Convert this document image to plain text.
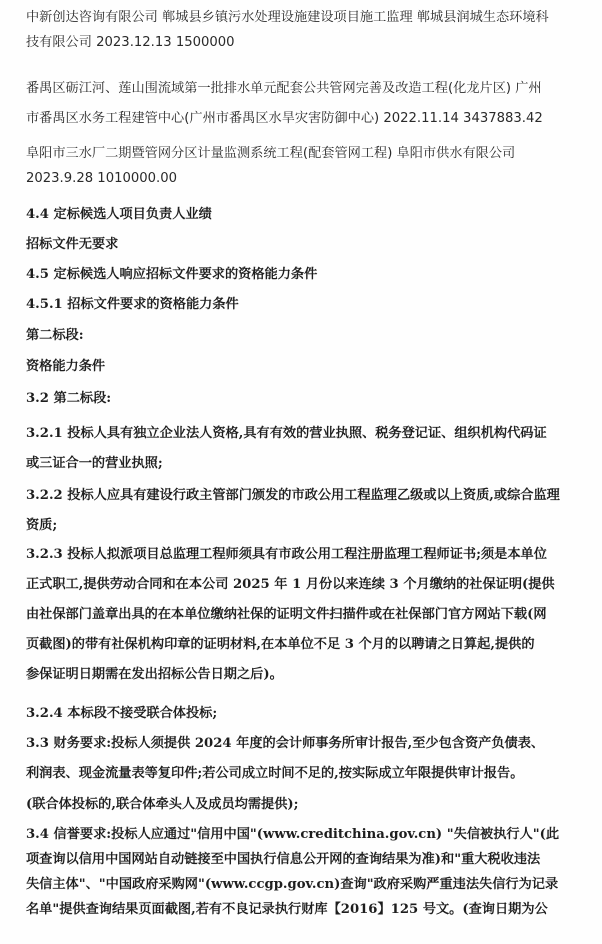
中新创达咨询有限公司 郸城县乡镇污水处理设施建设项目施工监理 郸城县润城生态环境科
技有限公司 2023.12.13 1500000
番禺区砺江河、莲山围流域第一批排水单元配套公共管网完善及改造工程(化龙片区) 广州
市番禺区水务工程建管中心(广州市番禺区水旱灾害防御中心) 2022.11.14 3437883.42
阜阳市三水厂二期暨管网分区计量监测系统工程(配套管网工程) 阜阳市供水有限公司
2023.9.28 1010000.00
4.4 定标候选人项目负责人业绩
招标文件无要求
4.5 定标候选人响应招标文件要求的资格能力条件
4.5.1 招标文件要求的资格能力条件
第二标段:
资格能力条件
3.2 第二标段:
3.2.1 投标人具有独立企业法人资格,具有有效的营业执照、税务登记证、组织机构代码证
或三证合一的营业执照;
3.2.2 投标人应具有建设行政主管部门颁发的市政公用工程监理乙级或以上资质,或综合监理
资质;
3.2.3 投标人拟派项目总监理工程师须具有市政公用工程注册监理工程师证书;须是本单位
正式职工,提供劳动合同和在本公司 2025 年 1 月份以来连续 3 个月缴纳的社保证明(提供
由社保部门盖章出具的在本单位缴纳社保的证明文件扫描件或在社保部门官方网站下载(网
页截图)的带有社保机构印章的证明材料,在本单位不足 3 个月的以聘请之日算起,提供的
参保证明日期需在发出招标公告日期之后)。
3.2.4 本标段不接受联合体投标;
3.3 财务要求:投标人须提供 2024 年度的会计师事务所审计报告,至少包含资产负债表、
利润表、现金流量表等复印件;若公司成立时间不足的,按实际成立年限提供审计报告。
(联合体投标的,联合体牵头人及成员均需提供);
3.4 信誉要求:投标人应通过"信用中国"(www.creditchina.gov.cn) "失信被执行人"(此
项查询以信用中国网站自动链接至中国执行信息公开网的查询结果为准)和"重大税收违法
失信主体"、"中国政府采购网"(www.ccgp.gov.cn)查询"政府采购严重违法失信行为记录
名单"提供查询结果页面截图,若有不良记录执行财库【2016】125 号文。(查询日期为公
